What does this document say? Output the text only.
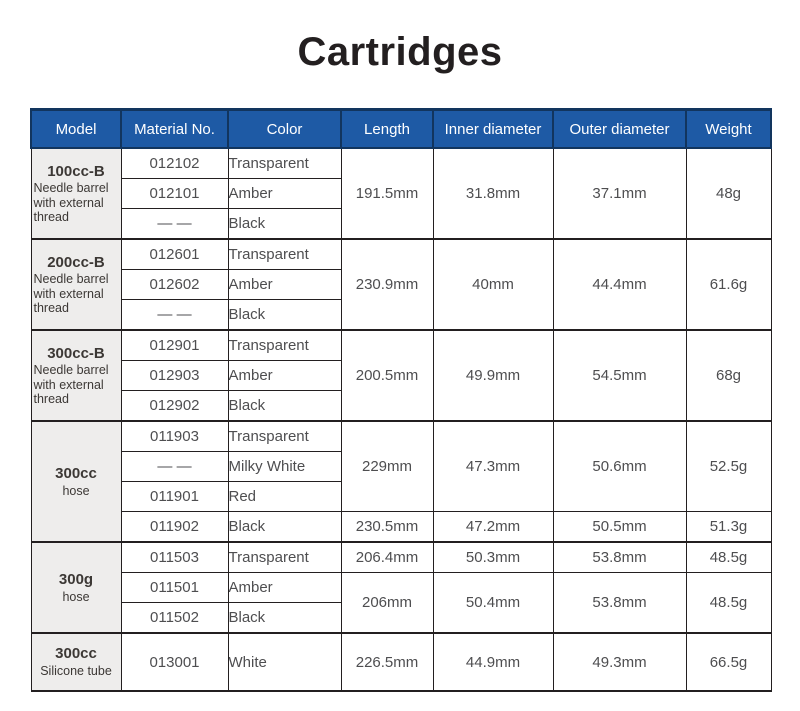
Cartridges
Model	Material No.	Color	Length	Inner diameter	Outer diameter	Weight

100cc-B
Needle barrel with external thread	012102	Transparent	191.5mm	31.8mm	37.1mm	48g
	012101	Amber				
	— —	Black				

200cc-B
Needle barrel with external thread	012601	Transparent	230.9mm	40mm	44.4mm	61.6g
	012602	Amber				
	— —	Black				

300cc-B
Needle barrel with external thread	012901	Transparent	200.5mm	49.9mm	54.5mm	68g
	012903	Amber				
	012902	Black				

300cc
hose	011903	Transparent	229mm	47.3mm	50.6mm	52.5g
	— —	Milky White				
	011901	Red				
	011902	Black	230.5mm	47.2mm	50.5mm	51.3g

300g
hose	011503	Transparent	206.4mm	50.3mm	53.8mm	48.5g
	011501	Amber	206mm	50.4mm	53.8mm	48.5g
	011502	Black				

300cc
Silicone tube	013001	White	226.5mm	44.9mm	49.3mm	66.5g
